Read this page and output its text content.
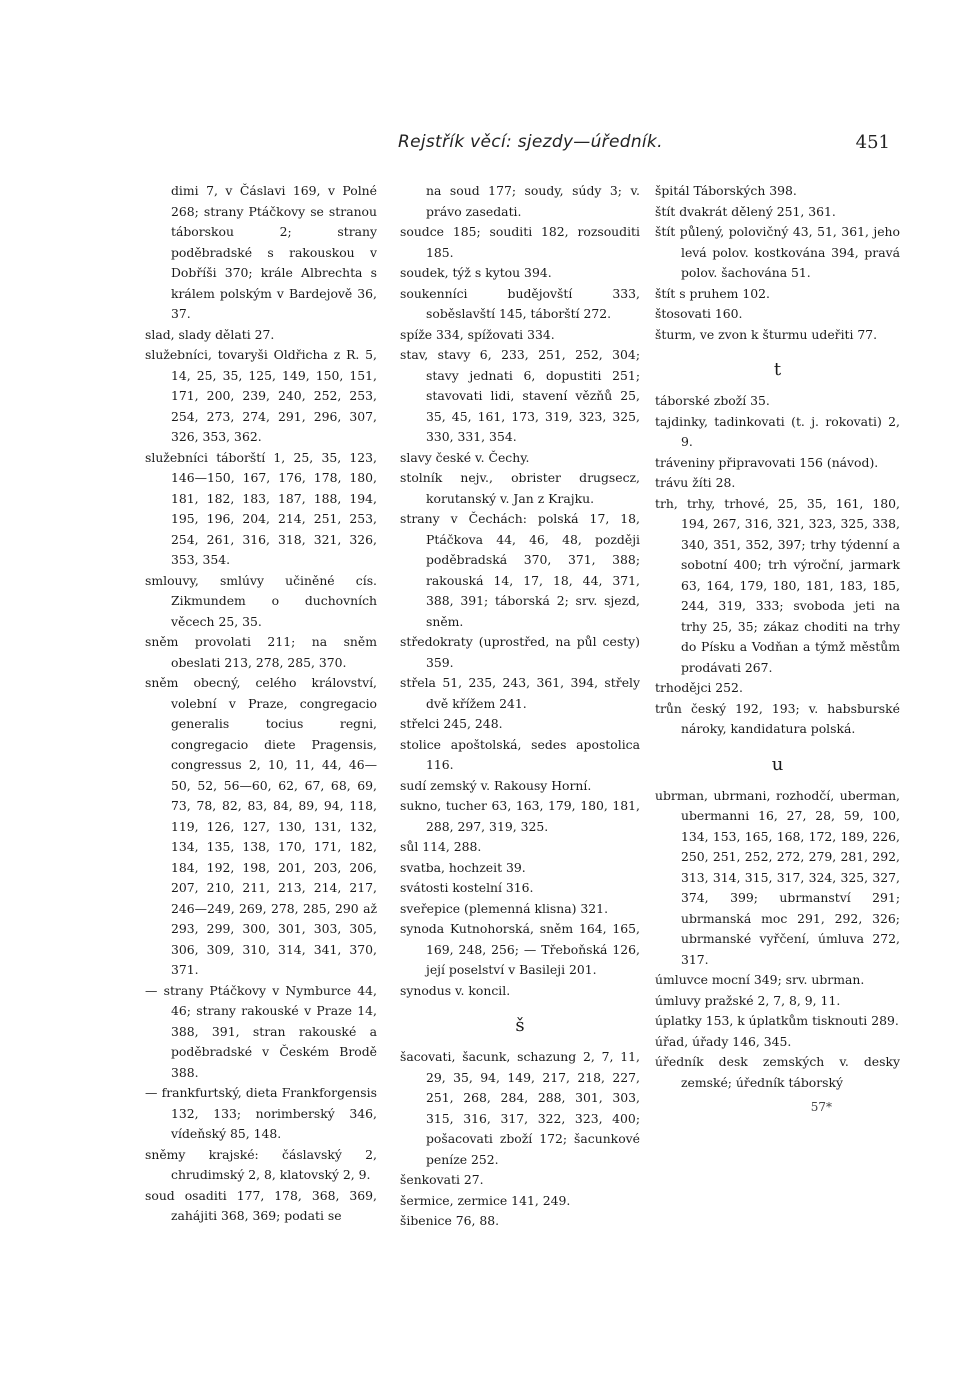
Rejstřík věcí: sjezdy—úředník.	451
dimi 7, v Čáslavi 169, v Polné 268; strany Ptáčkovy se stranou táborskou 2; strany poděbradské s rakouskou v Dobříši 370; krále Albrechta s králem polským v Bardejově 36, 37.
slad, slady dělati 27.
služebníci, tovaryši Oldřicha z R. 5, 14, 25, 35, 125, 149, 150, 151, 171, 200, 239, 240, 252, 253, 254, 273, 274, 291, 296, 307, 326, 353, 362.
služebníci táborští 1, 25, 35, 123, 146—150, 167, 176, 178, 180, 181, 182, 183, 187, 188, 194, 195, 196, 204, 214, 251, 253, 254, 261, 316, 318, 321, 326, 353, 354.
smlouvy, smlúvy učiněné cís. Zikmundem o duchovních věcech 25, 35.
sněm provolati 211; na sněm obeslati 213, 278, 285, 370.
sněm obecný, celého království, volební v Praze, congregacio generalis tocius regni, congregacio diete Pragensis, congressus 2, 10, 11, 44, 46—50, 52, 56—60, 62, 67, 68, 69, 73, 78, 82, 83, 84, 89, 94, 118, 119, 126, 127, 130, 131, 132, 134, 135, 138, 170, 171, 182, 184, 192, 198, 201, 203, 206, 207, 210, 211, 213, 214, 217, 246—249, 269, 278, 285, 290 až 293, 299, 300, 301, 303, 305, 306, 309, 310, 314, 341, 370, 371.
— strany Ptáčkovy v Nymburce 44, 46; strany rakouské v Praze 14, 388, 391, stran rakouské a poděbradské v Českém Brodě 388.
— frankfurtský, dieta Frankforgensis 132, 133; norimberský 346, vídeňský 85, 148.
sněmy krajské: čáslavský 2, chrudimský 2, 8, klatovský 2, 9.
soud osaditi 177, 178, 368, 369, zahájiti 368, 369; podati se
na soud 177; soudy, súdy 3; v. právo zasedati.
soudce 185; souditi 182, rozsouditi 185.
soudek, týž s kytou 394.
soukenníci budějovští 333, soběslavští 145, táborští 272.
spíže 334, spížovati 334.
stav, stavy 6, 233, 251, 252, 304; stavy jednati 6, dopustiti 251; stavovati lidi, stavení vězňů 25, 35, 45, 161, 173, 319, 323, 325, 330, 331, 354.
slavy české v. Čechy.
stolník nejv., obrister drugsecz, korutanský v. Jan z Krajku.
strany v Čechách: polská 17, 18, Ptáčkova 44, 46, 48, později poděbradská 370, 371, 388; rakouská 14, 17, 18, 44, 371, 388, 391; táborská 2; srv. sjezd, sněm.
středokraty (uprostřed, na půl cesty) 359.
střela 51, 235, 243, 361, 394, střely dvě křížem 241.
střelci 245, 248.
stolice apoštolská, sedes apostolica 116.
sudí zemský v. Rakousy Horní.
sukno, tucher 63, 163, 179, 180, 181, 288, 297, 319, 325.
sůl 114, 288.
svatba, hochzeit 39.
svátosti kostelní 316.
sveřepice (plemenná klisna) 321.
synoda Kutnohorská, sněm 164, 165, 169, 248, 256; — Třeboňská 126, její poselství v Basileji 201.
synodus v. koncil.
š
šacovati, šacunk, schazung 2, 7, 11, 29, 35, 94, 149, 217, 218, 227, 251, 268, 284, 288, 301, 303, 315, 316, 317, 322, 323, 400; pošacovati zboží 172; šacunkové peníze 252.
šenkovati 27.
šermice, zermice 141, 249.
šibenice 76, 88.
špitál Táborských 398.
štít dvakrát dělený 251, 361.
štít půlený, polovičný 43, 51, 361, jeho levá polov. kostkována 394, pravá polov. šachována 51.
štít s pruhem 102.
štosovati 160.
šturm, ve zvon k šturmu udeřiti 77.
t
táborské zboží 35.
tajdinky, tadinkovati (t. j. rokovati) 2, 9.
tráveniny připravovati 156 (návod).
trávu žíti 28.
trh, trhy, trhové, 25, 35, 161, 180, 194, 267, 316, 321, 323, 325, 338, 340, 351, 352, 397; trhy týdenní a sobotní 400; trh výroční, jarmark 63, 164, 179, 180, 181, 183, 185, 244, 319, 333; svoboda jeti na trhy 25, 35; zákaz choditi na trhy do Písku a Vodňan a týmž městům prodávati 267.
trhodějci 252.
trůn český 192, 193; v. habsburské nároky, kandidatura polská.
u
ubrman, ubrmani, rozhodčí, uberman, ubermanni 16, 27, 28, 59, 100, 134, 153, 165, 168, 172, 189, 226, 250, 251, 252, 272, 279, 281, 292, 313, 314, 315, 317, 324, 325, 327, 374, 399; ubrmanství 291; ubrmanská moc 291, 292, 326; ubrmanské vyřčení, úmluva 272, 317.
úmluvce mocní 349; srv. ubrman.
úmluvy pražské 2, 7, 8, 9, 11.
úplatky 153, k úplatkům tisknouti 289.
úřad, úřady 146, 345.
úředník desk zemských v. desky zemské; úředník táborský
57*
